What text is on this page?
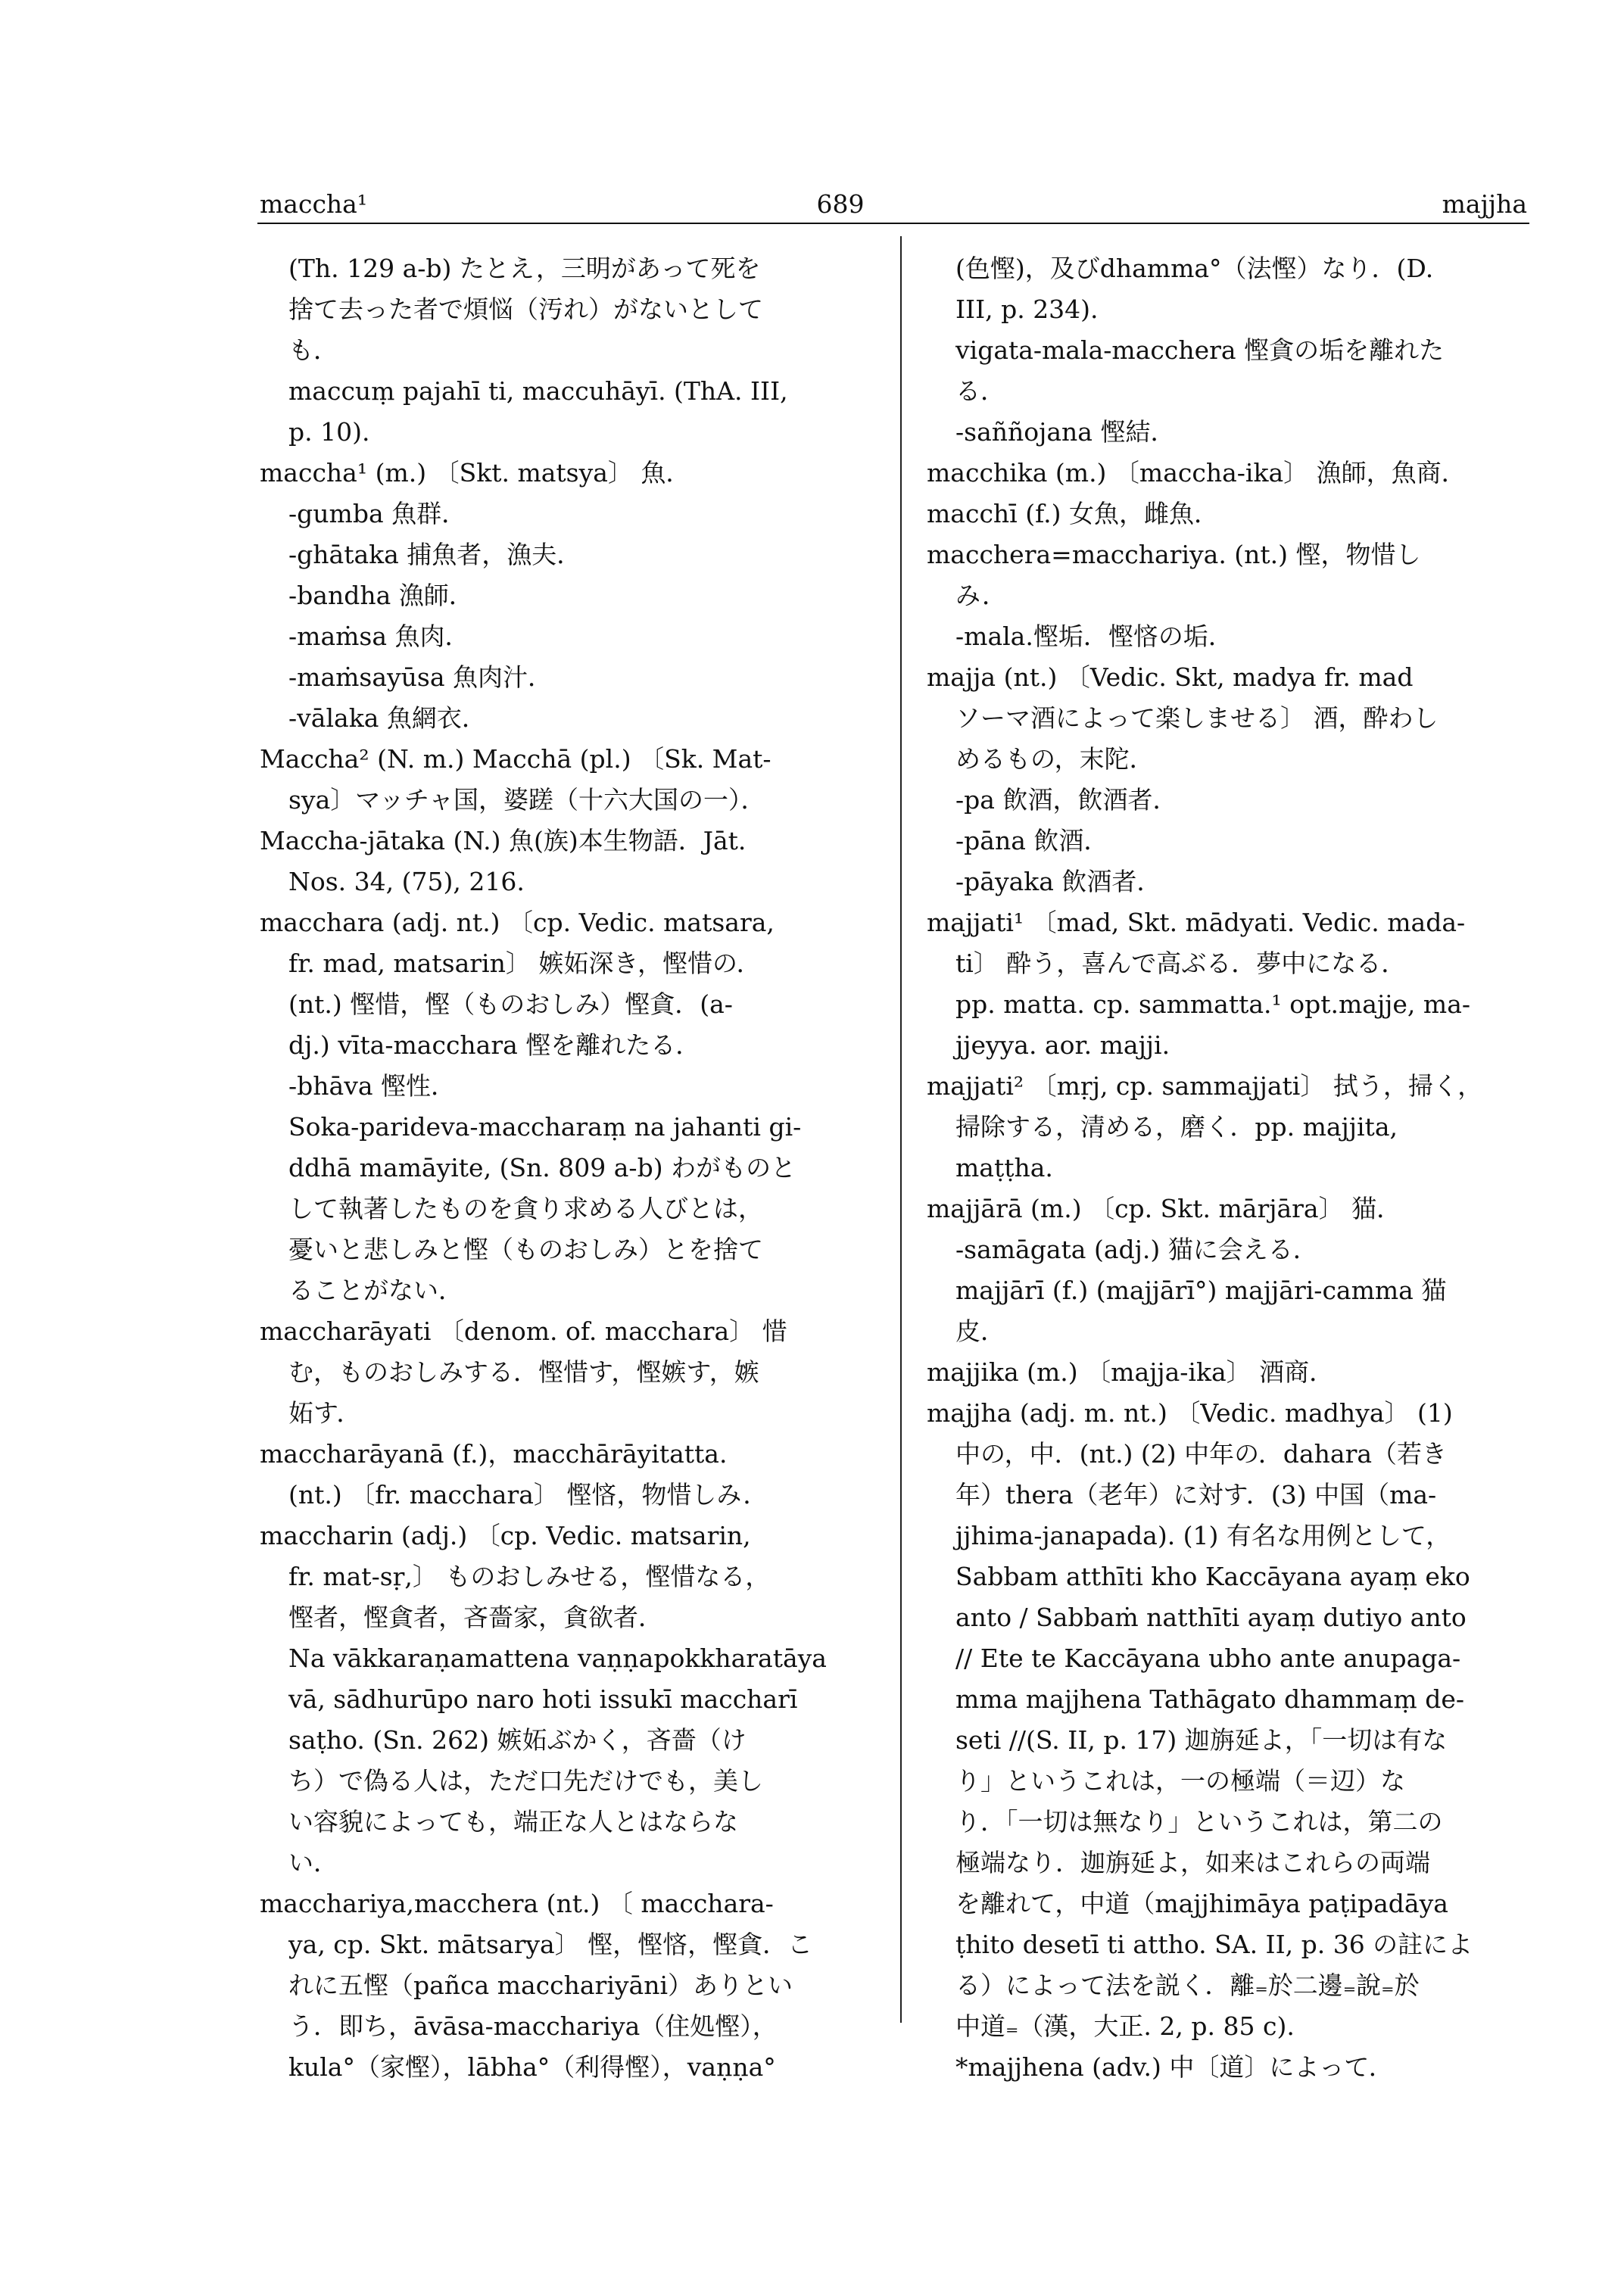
maccha¹	689	majjha
(Th. 129 a-b) たとえ，三明があって死を
捨て去った者で煩悩（汚れ）がないとして
も．
maccuṃ pajahī ti, maccuhāyī. (ThA. III,
p. 10).
maccha¹ (m.) 〔Skt. matsya〕 魚．
-gumba 魚群．
-ghātaka 捕魚者，漁夫．
-bandha 漁師．
-maṁsa 魚肉．
-maṁsayūsa 魚肉汁．
-vālaka 魚網衣．
Maccha² (N. m.) Macchā (pl.) 〔Sk. Mat-
sya〕マッチャ国，婆蹉（十六大国の一）．
Maccha-jātaka (N.) 魚(族)本生物語．Jāt.
Nos. 34, (75), 216.
macchara (adj. nt.) 〔cp. Vedic. matsara,
fr. mad, matsarin〕 嫉妬深き，慳惜の．
(nt.) 慳惜，慳（ものおしみ）慳貪．(a-
dj.) vīta-macchara 慳を離れたる．
-bhāva 慳性．
Soka-parideva-maccharaṃ na jahanti gi-
ddhā mamāyite, (Sn. 809 a-b) わがものと
して執著したものを貪り求める人びとは，
憂いと悲しみと慳（ものおしみ）とを捨て
ることがない．
maccharāyati 〔denom. of. macchara〕 惜
む，ものおしみする．慳惜す，慳嫉す，嫉
妬す．
maccharāyanā (f.)，macchārāyitatta.
(nt.) 〔fr. macchara〕 慳悋，物惜しみ．
maccharin (adj.) 〔cp. Vedic. matsarin,
fr. mat-sṛ,〕 ものおしみせる，慳惜なる，
慳者，慳貪者，吝嗇家，貪欲者．
Na vākkaraṇamattena vaṇṇapokkharatāya
vā, sādhurūpo naro hoti issukī maccharī
saṭho. (Sn. 262) 嫉妬ぶかく，吝嗇（け
ち）で偽る人は，ただ口先だけでも，美し
い容貌によっても，端正な人とはならな
い．
macchariya,macchera (nt.) 〔 macchara-
ya, cp. Skt. mātsarya〕 慳，慳悋，慳貪．こ
れに五慳（pañca macchariyāni）ありとい
う．即ち，āvāsa-macchariya（住処慳），
kula°（家慳），lābha°（利得慳），vaṇṇa°
(色慳)，及びdhamma°（法慳）なり．(D.
III, p. 234).
vigata-mala-macchera 慳貪の垢を離れた
る．
-saññojana 慳結．
macchika (m.) 〔maccha-ika〕 漁師，魚商．
macchī (f.) 女魚，雌魚．
macchera=macchariya. (nt.) 慳，物惜し
み．
-mala.慳垢．慳悋の垢．
majja (nt.) 〔Vedic. Skt, madya fr. mad
ソーマ酒によって楽しませる〕 酒，酔わし
めるもの，末陀．
-pa 飲酒，飲酒者．
-pāna 飲酒．
-pāyaka 飲酒者．
majjati¹ 〔mad, Skt. mādyati. Vedic. mada-
ti〕 酔う，喜んで高ぶる．夢中になる．
pp. matta. cp. sammatta.¹ opt.majje, ma-
jjeyya. aor. majji.
majjati² 〔mṛj, cp. sammajjati〕 拭う，掃く，
掃除する，清める，磨く．pp. majjita,
maṭṭha.
majjārā (m.) 〔cp. Skt. mārjāra〕 猫．
-samāgata (adj.) 猫に会える．
majjārī (f.) (majjārī°) majjāri-camma 猫
皮．
majjika (m.) 〔majja-ika〕 酒商．
majjha (adj. m. nt.) 〔Vedic. madhya〕 (1)
中の，中．(nt.) (2) 中年の．dahara（若き
年）thera（老年）に対す．(3) 中国（ma-
jjhima-janapada). (1) 有名な用例として，
Sabbam atthīti kho Kaccāyana ayaṃ eko
anto / Sabbaṁ natthīti ayaṃ dutiyo anto
// Ete te Kaccāyana ubho ante anupaga-
mma majjhena Tathāgato dhammaṃ de-
seti //(S. II, p. 17) 迦旃延よ，「一切は有な
り」というこれは，一の極端（＝辺）な
り．「一切は無なり」というこれは，第二の
極端なり．迦旃延よ，如来はこれらの両端
を離れて，中道（majjhimāya paṭipadāya
ṭhito desetī ti attho. SA. II, p. 36 の註によ
る）によって法を説く．離₌於二邊₌說₌於
中道₌（漢，大正. 2, p. 85 c).
*majjhena (adv.) 中〔道〕によって．
